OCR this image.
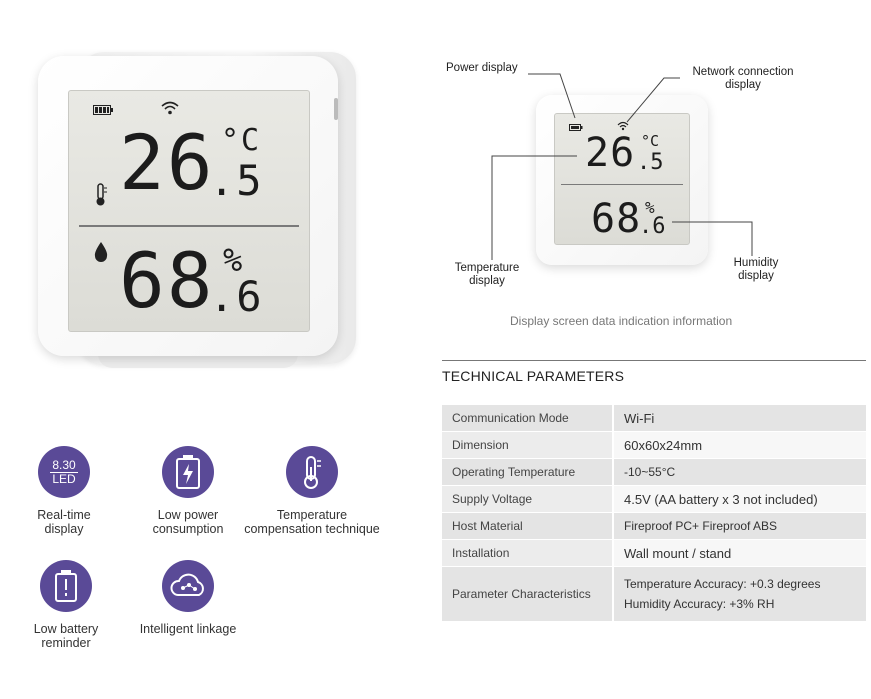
26 °C
.5
68 %
.6
26 °C
.5
68 %
.6
Power display	Network connection display
Temperature display
Humidity display
Display screen data indication information
8.30
LED
Real-time
display
Low power
consumption
Temperature
compensation technique
Low battery
reminder
Intelligent linkage
TECHNICAL PARAMETERS
Communication Mode	Wi-Fi
Dimension	60x60x24mm
Operating Temperature	-10~55°C
Supply Voltage	4.5V (AA battery x 3 not included)
Host Material	Fireproof PC+ Fireproof ABS
Installation	Wall mount / stand
Parameter Characteristics	Temperature Accuracy: +0.3 degrees
Humidity Accuracy: +3% RH
